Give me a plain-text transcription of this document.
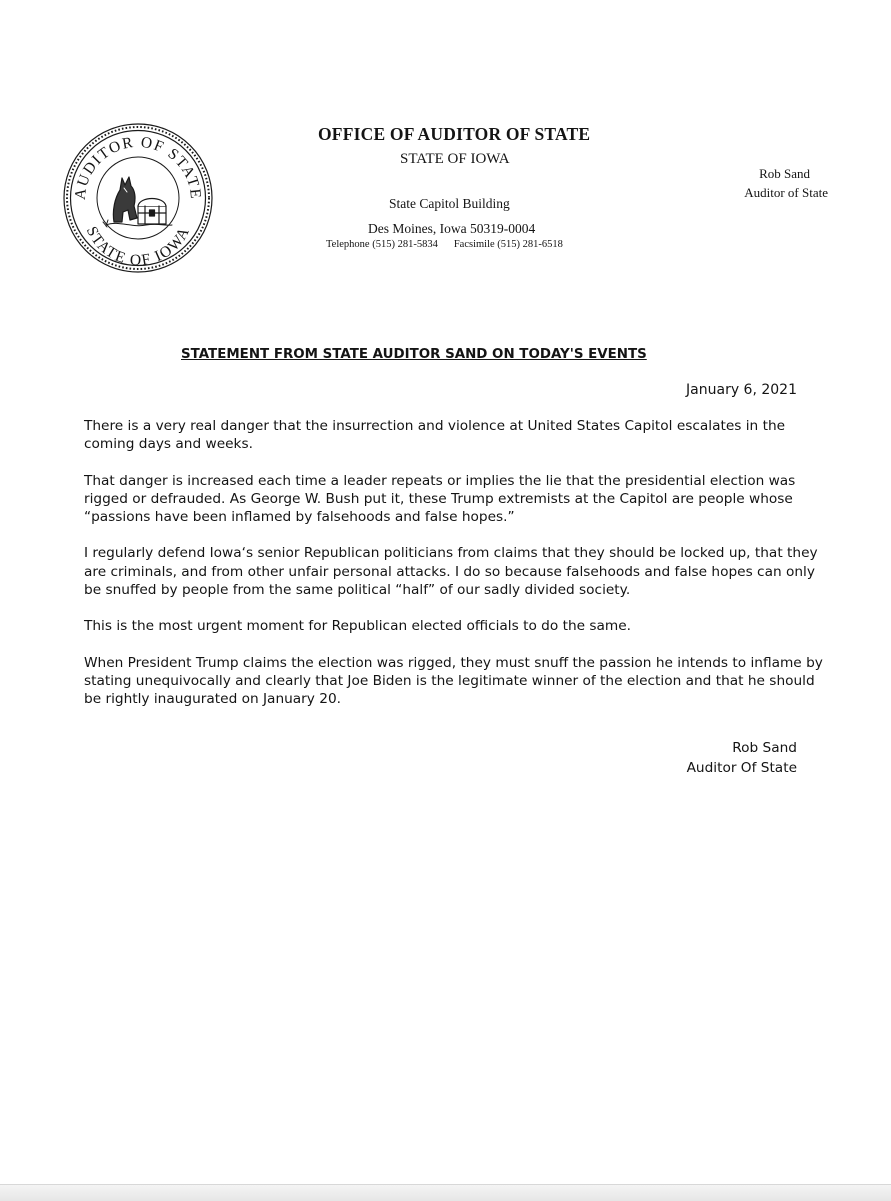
AUDITOR OF STATE
STATE OF IOWA
OFFICE OF AUDITOR OF STATE
STATE OF IOWA
State Capitol Building
Des Moines, Iowa 50319-0004
Telephone (515) 281-5834 Facsimile (515) 281-6518
Rob Sand
Auditor of State
STATEMENT FROM STATE AUDITOR SAND ON TODAY'S EVENTS
January 6, 2021

There is a very real danger that the insurrection and violence at United States Capitol escalates in the coming days and weeks.

That danger is increased each time a leader repeats or implies the lie that the presidential election was rigged or defrauded. As George W. Bush put it, these Trump extremists at the Capitol are people whose “passions have been inflamed by falsehoods and false hopes.”

I regularly defend Iowa‘s senior Republican politicians from claims that they should be locked up, that they are criminals, and from other unfair personal attacks. I do so because falsehoods and false hopes can only be snuffed by people from the same political “half” of our sadly divided society.

This is the most urgent moment for Republican elected officials to do the same.

When President Trump claims the election was rigged, they must snuff the passion he intends to inflame by stating unequivocally and clearly that Joe Biden is the legitimate winner of the election and that he should be rightly inaugurated on January 20.

Rob Sand
Auditor Of State
